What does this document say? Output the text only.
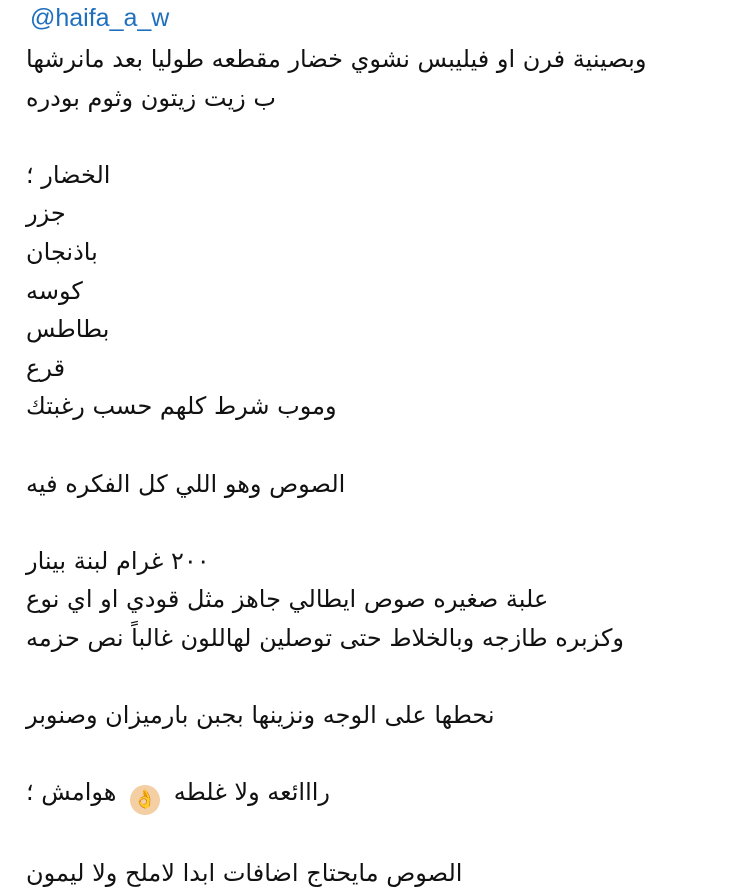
@haifa_a_w
وبصينية فرن او فيليبس نشوي خضار مقطعه طوليا بعد مانرشها
ب زيت زيتون وثوم بودره
الخضار ؛
جزر
باذنجان
كوسه
بطاطس
قرع
وموب شرط كلهم حسب رغبتك
الصوص وهو اللي كل الفكره فيه
٢٠٠ غرام لبنة بينار
علبة صغيره صوص ايطالي جاهز مثل قودي او اي نوع
وكزبره طازجه وبالخلاط حتى توصلين لهاللون غالباً نص حزمه
نحطها على الوجه ونزينها بجبن بارميزان وصنوبر
رااائعه ولا غلطه 👌 هوامش ؛
الصوص مايحتاج اضافات ابدا لاملح ولا ليمون
